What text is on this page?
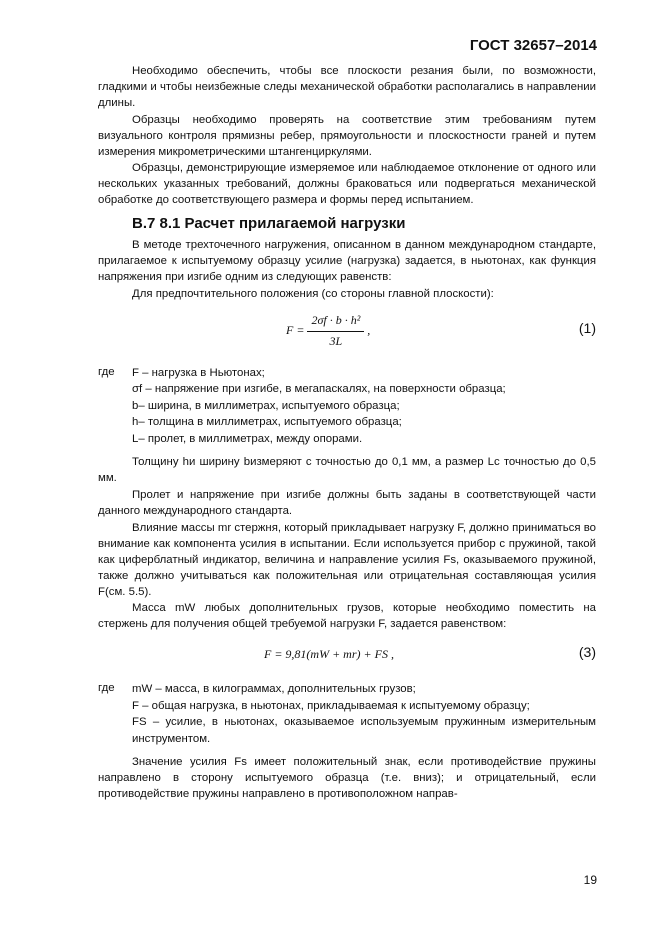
ГОСТ 32657–2014

Необходимо обеспечить, чтобы все плоскости резания были, по возможности, гладкими и чтобы неизбежные следы механической обработки располагались в направлении длины.

Образцы необходимо проверять на соответствие этим требованиям путем визуального контроля прямизны ребер, прямоугольности и плоскостности граней и путем измерения микрометрическими штангенциркулями.

Образцы, демонстрирующие измеряемое или наблюдаемое отклонение от одного или нескольких указанных требований, должны браковаться или подвергаться механической обработке до соответствующего размера и формы перед испытанием.

В.7 8.1 Расчет прилагаемой нагрузки

В методе трехточечного нагружения, описанном в данном международном стандарте, прилагаемое к испытуемому образцу усилие (нагрузка) задается, в ньютонах, как функция напряжения при изгибе одним из следующих равенств:

Для предпочтительного положения (со стороны главной плоскости):

$F = \frac{\text{2σf · b · h²}}{3L}$ ,	(1)
где F – нагрузка в Ньютонах;
σf – напряжение при изгибе, в мегапаскалях, на поверхности образца;
b– ширина, в миллиметрах, испытуемого образца;
h– толщина в миллиметрах, испытуемого образца;
L– пролет, в миллиметрах, между опорами.

Толщину hи ширину bизмеряют с точностью до 0,1 мм, а размер Lс точностью до 0,5 мм.

Пролет и напряжение при изгибе должны быть заданы в соответствующей части данного международного стандарта.

Влияние массы mr стержня, который прикладывает нагрузку F, должно приниматься во внимание как компонента усилия в испытании. Если используется прибор с пружиной, такой как циферблатный индикатор, величина и направление усилия Fs, оказываемого пружиной, также должно учитываться как положительная или отрицательная составляющая усилия F(см. 5.5).

Масса mW любых дополнительных грузов, которые необходимо поместить на стержень для получения общей требуемой нагрузки F, задается равенством:

F = 9,81(mW + mr) + FS ,	(3)
где mW – масса, в килограммах, дополнительных грузов;
F – общая нагрузка, в ньютонах, прикладываемая к испытуемому образцу;
FS – усилие, в ньютонах, оказываемое используемым пружинным измерительным инструментом.

Значение усилия Fs имеет положительный знак, если противодействие пружины направлено в сторону испытуемого образца (т.е. вниз); и отрицательный, если противодействие пружины направлено в противоположном направ-

19
